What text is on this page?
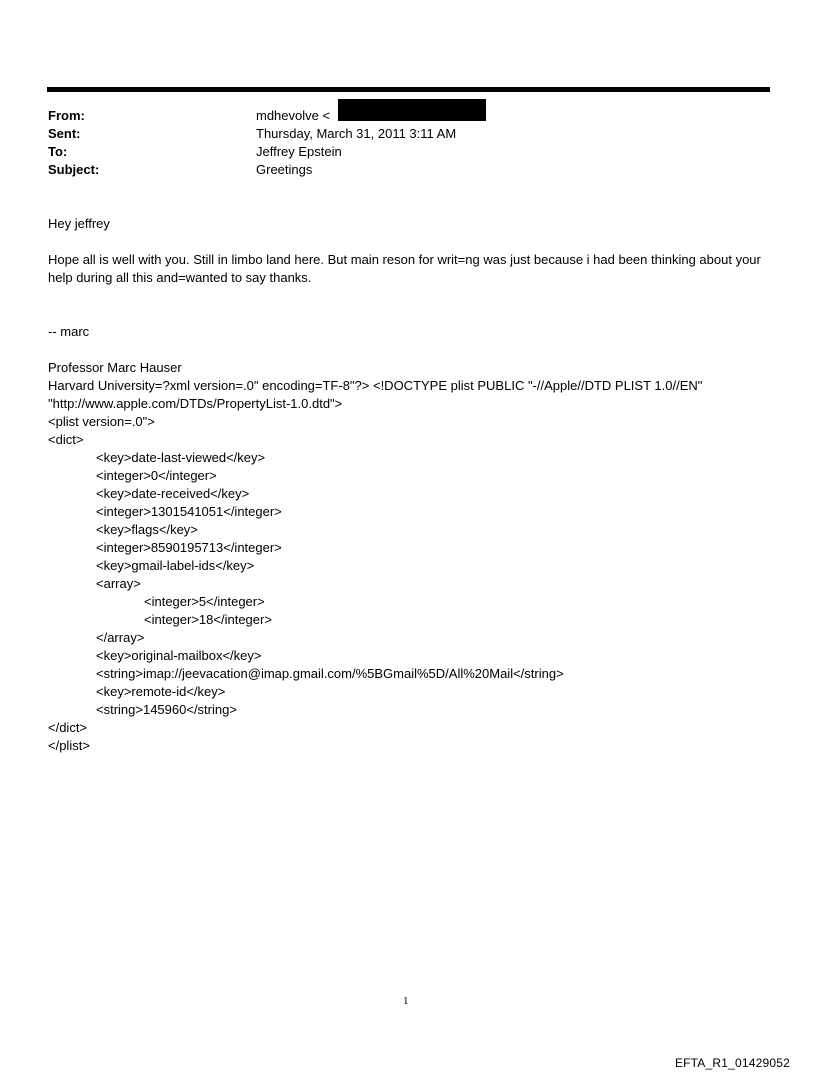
From:	mdhevolve <
Sent:	Thursday, March 31, 2011 3:11 AM
To:	Jeffrey Epstein
Subject:	Greetings

Hey jeffrey

Hope all is well with you. Still in limbo land here. But main reson for writ=ng was just because i had been thinking about your help during all this and=wanted to say thanks.

-- marc

Professor Marc Hauser

Harvard University=?xml version=.0" encoding=TF-8"?> <!DOCTYPE plist PUBLIC "-//Apple//DTD PLIST 1.0//EN"

"http://www.apple.com/DTDs/PropertyList-1.0.dtd">

<plist version=.0">
<dict>
<key>date-last-viewed</key>
<integer>0</integer>
<key>date-received</key>
<integer>1301541051</integer>
<key>flags</key>
<integer>8590195713</integer>
<key>gmail-label-ids</key>
<array>
<integer>5</integer>
<integer>18</integer>
</array>
<key>original-mailbox</key>
<string>imap://jeevacation@imap.gmail.com/%5BGmail%5D/All%20Mail</string>
<key>remote-id</key>
<string>145960</string>
</dict>
</plist>
1
EFTA_R1_01429052
